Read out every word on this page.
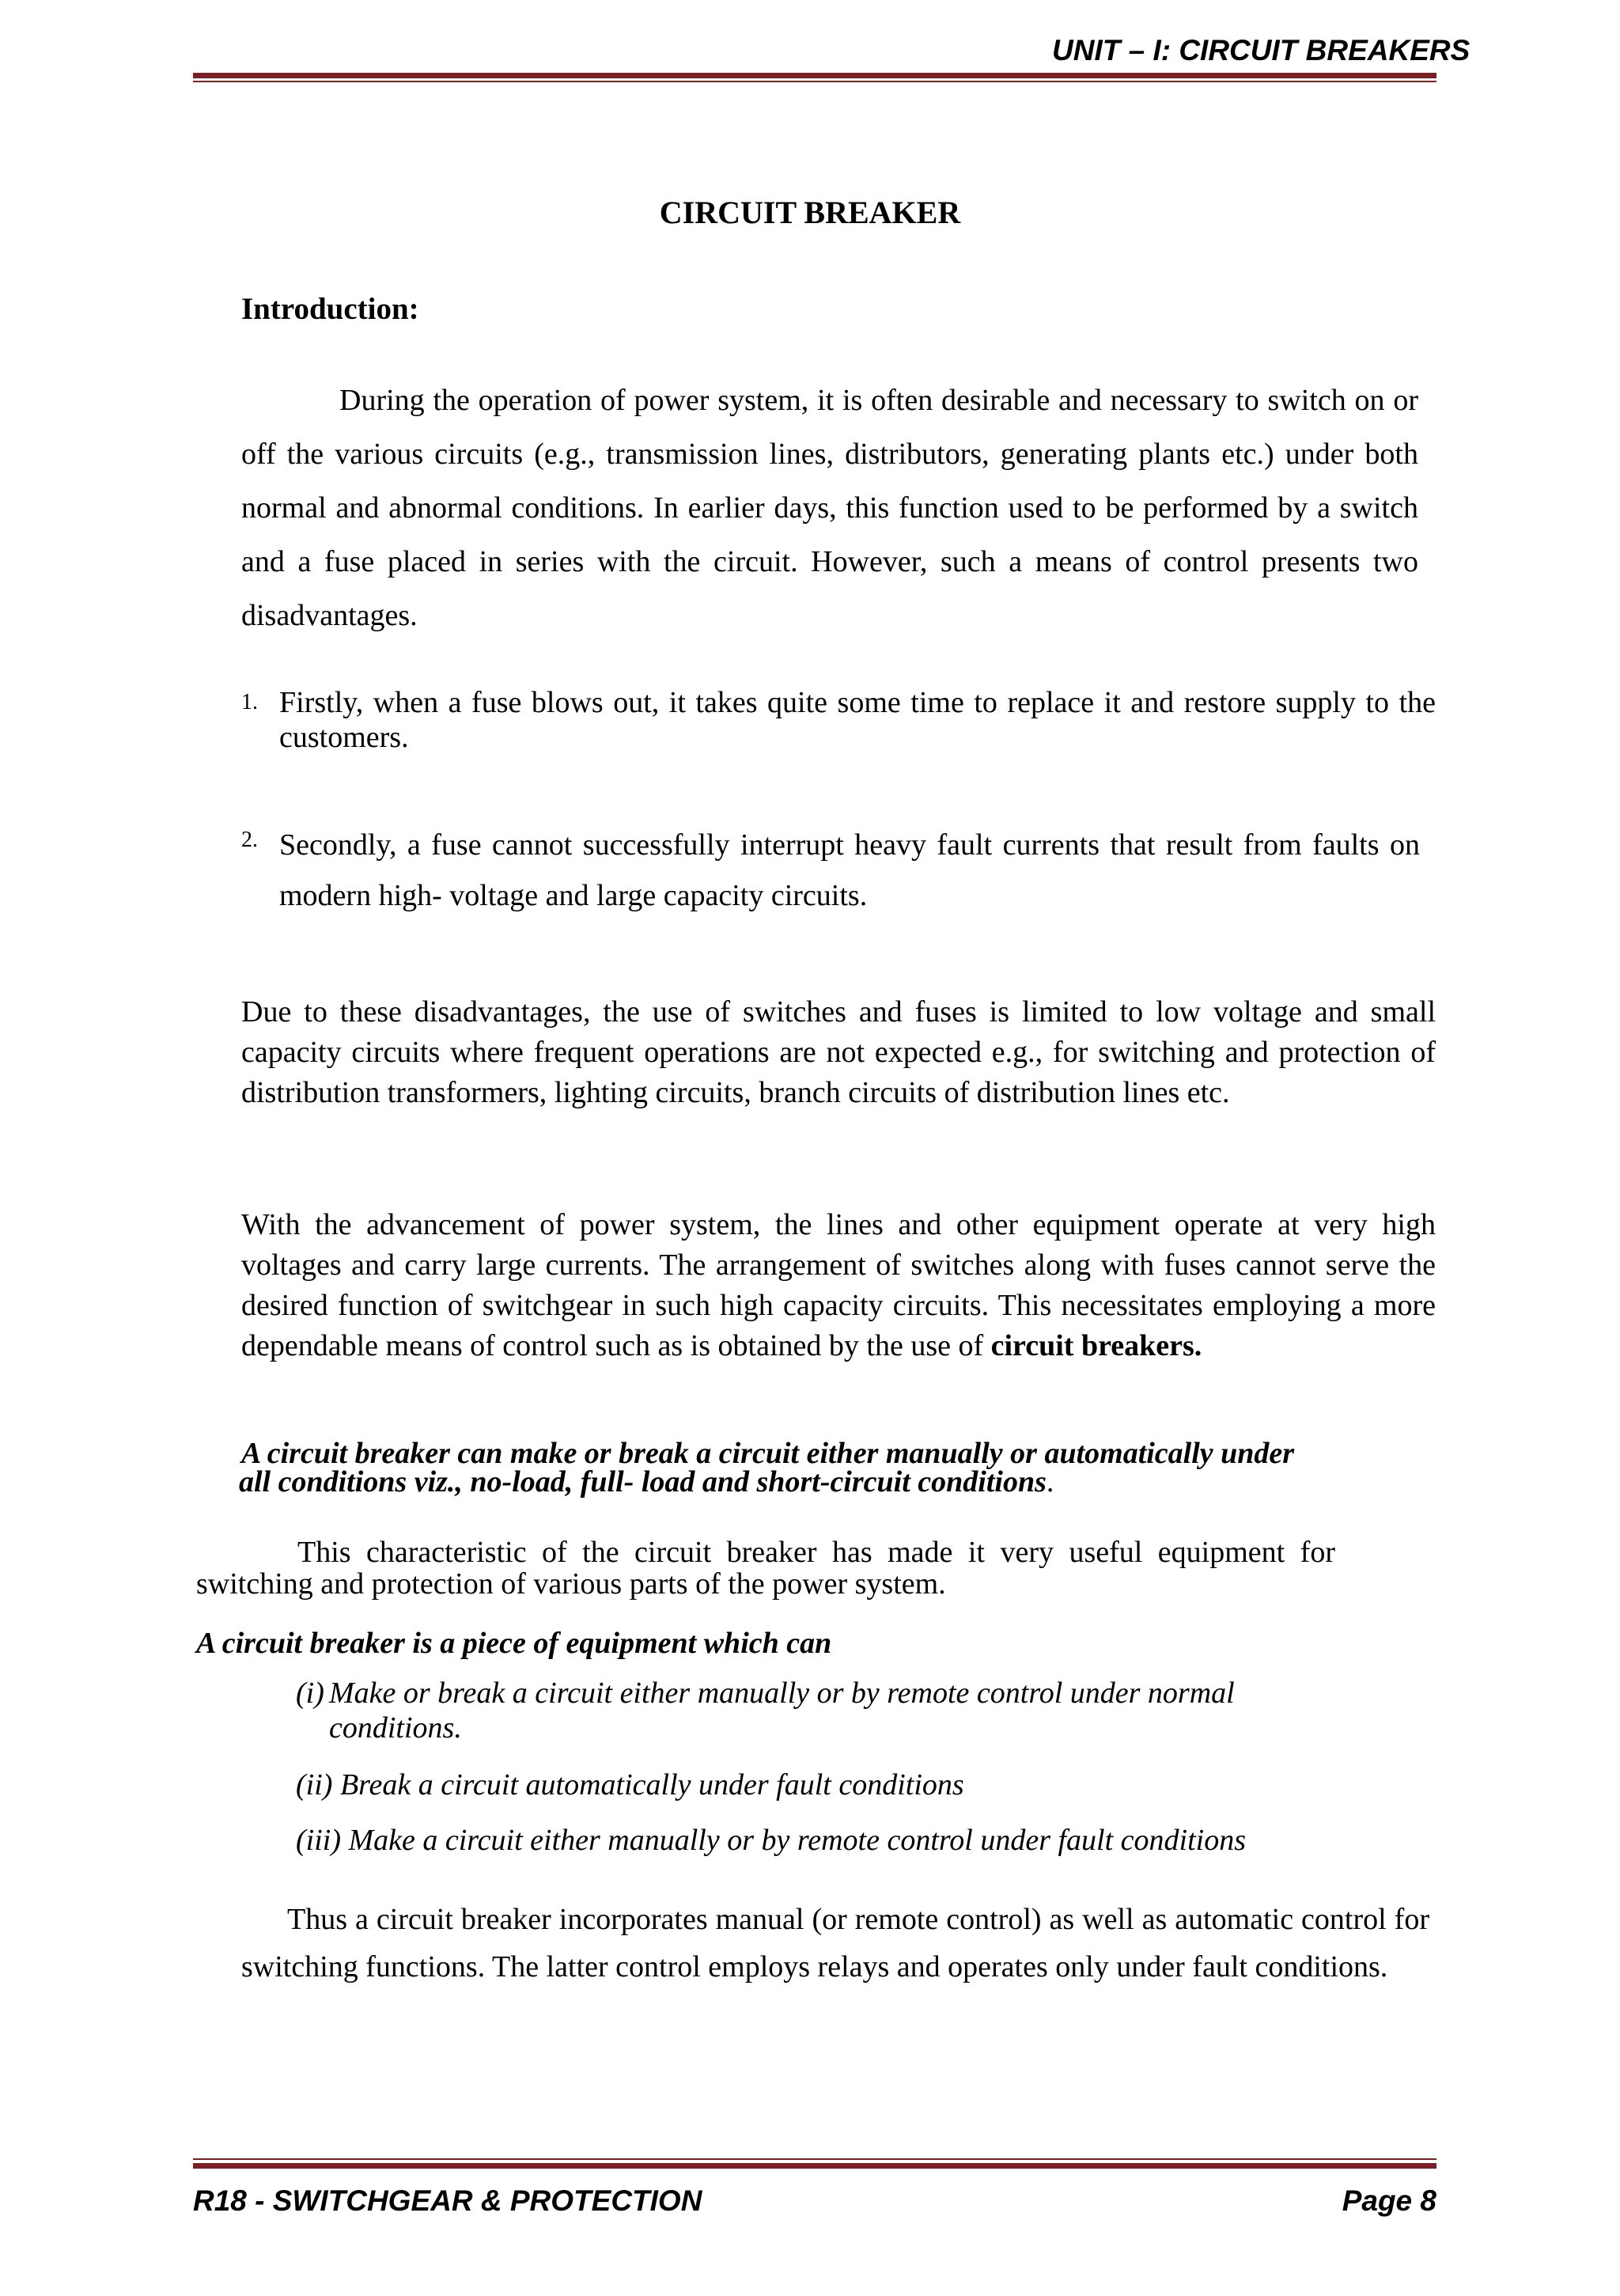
UNIT – I: CIRCUIT BREAKERS
CIRCUIT BREAKER
Introduction:

During the operation of power system, it is often desirable and necessary to switch on or off the various circuits (e.g., transmission lines, distributors, generating plants etc.) under both normal and abnormal conditions. In earlier days, this function used to be performed by a switch and a fuse placed in series with the circuit. However, such a means of control presents two disadvantages.

1. Firstly, when a fuse blows out, it takes quite some time to replace it and restore supply to the customers.

2. Secondly, a fuse cannot successfully interrupt heavy fault currents that result from faults on modern high- voltage and large capacity circuits.

Due to these disadvantages, the use of switches and fuses is limited to low voltage and small capacity circuits where frequent operations are not expected e.g., for switching and protection of distribution transformers, lighting circuits, branch circuits of distribution lines etc.

With the advancement of power system, the lines and other equipment operate at very high voltages and carry large currents. The arrangement of switches along with fuses cannot serve the desired function of switchgear in such high capacity circuits. This necessitates employing a more dependable means of control such as is obtained by the use of circuit breakers.

A circuit breaker can make or break a circuit either manually or automatically under
all conditions viz., no-load, full- load and short-circuit conditions.

This characteristic of the circuit breaker has made it very useful equipment for switching and protection of various parts of the power system.

A circuit breaker is a piece of equipment which can
(i) Make or break a circuit either manually or by remote control under normal conditions.

(ii) Break a circuit automatically under fault conditions
(iii) Make a circuit either manually or by remote control under fault conditions

Thus a circuit breaker incorporates manual (or remote control) as well as automatic control for switching functions. The latter control employs relays and operates only under fault conditions.

R18 - SWITCHGEAR & PROTECTION	Page 8
